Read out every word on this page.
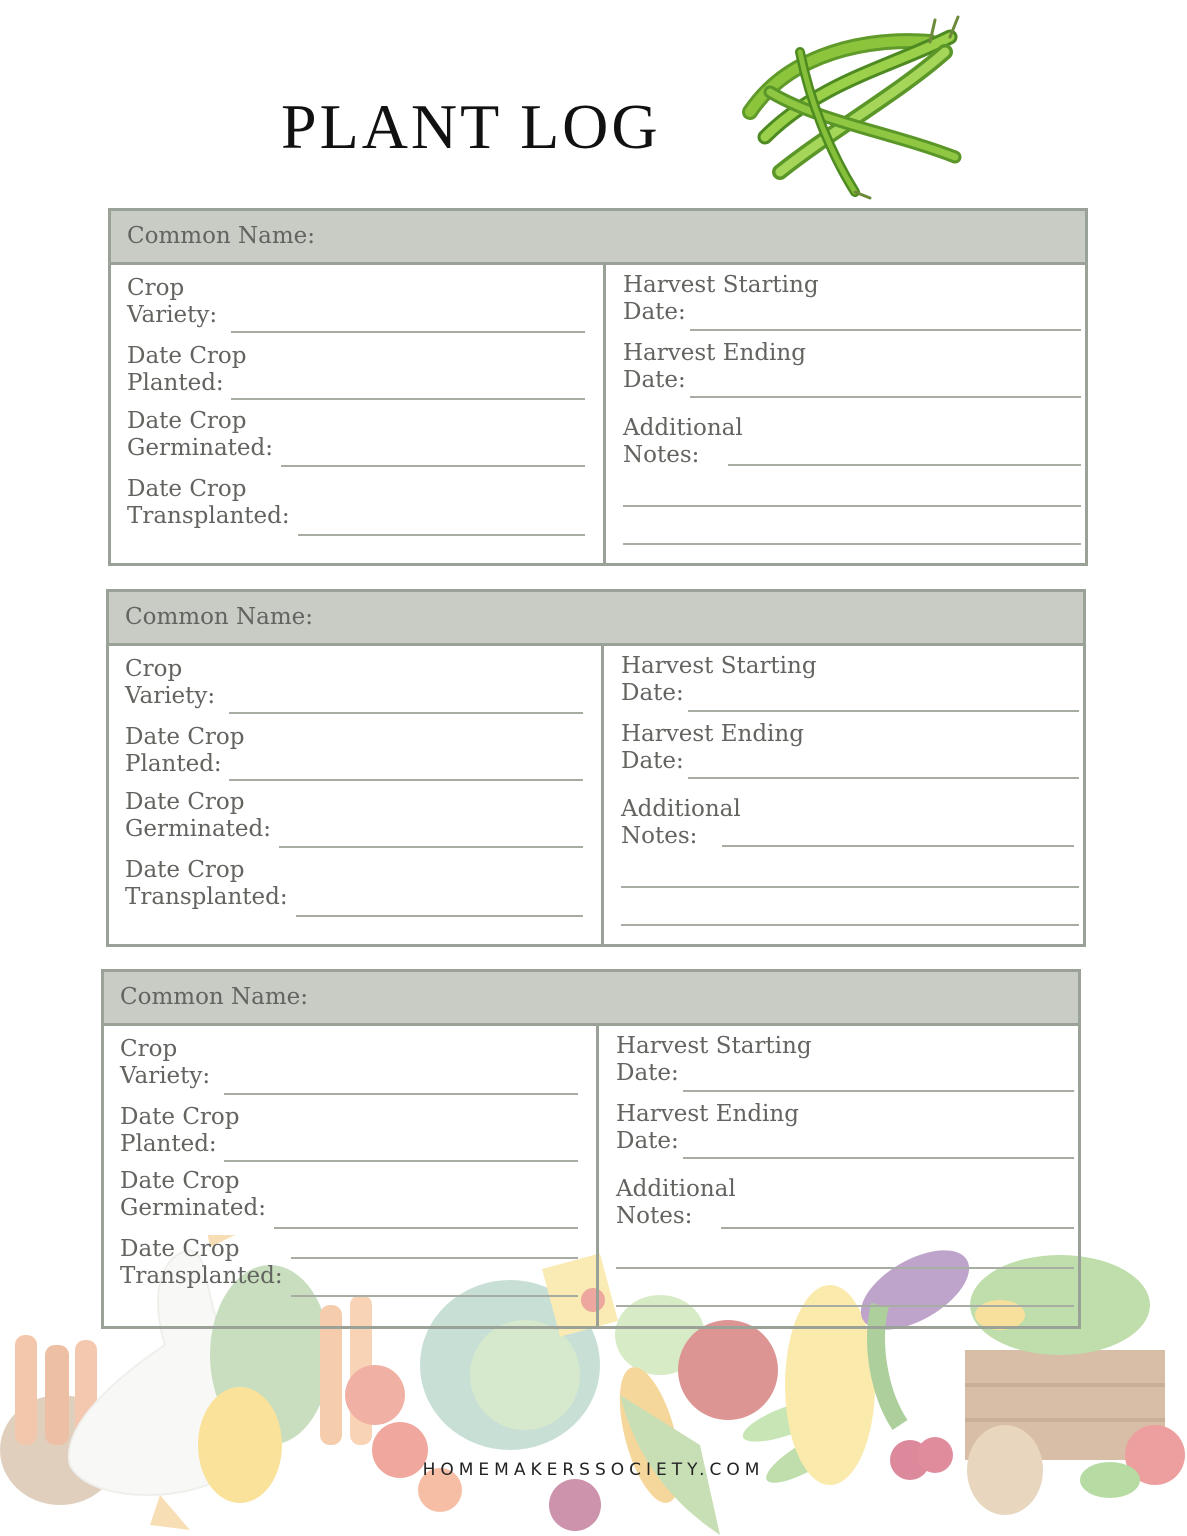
PLANT LOG
Common Name:
Crop
Variety:
Date Crop
Planted:
Date Crop
Germinated:
Date Crop
Transplanted:
Harvest Starting
Date:
Harvest Ending
Date:
Additional
Notes:
Common Name:
Crop
Variety:
Date Crop
Planted:
Date Crop
Germinated:
Date Crop
Transplanted:
Harvest Starting
Date:
Harvest Ending
Date:
Additional
Notes:
Common Name:
Crop
Variety:
Date Crop
Planted:
Date Crop
Germinated:
Date Crop
Transplanted:
Harvest Starting
Date:
Harvest Ending
Date:
Additional
Notes:
HOMEMAKERSSOCIETY.COM
